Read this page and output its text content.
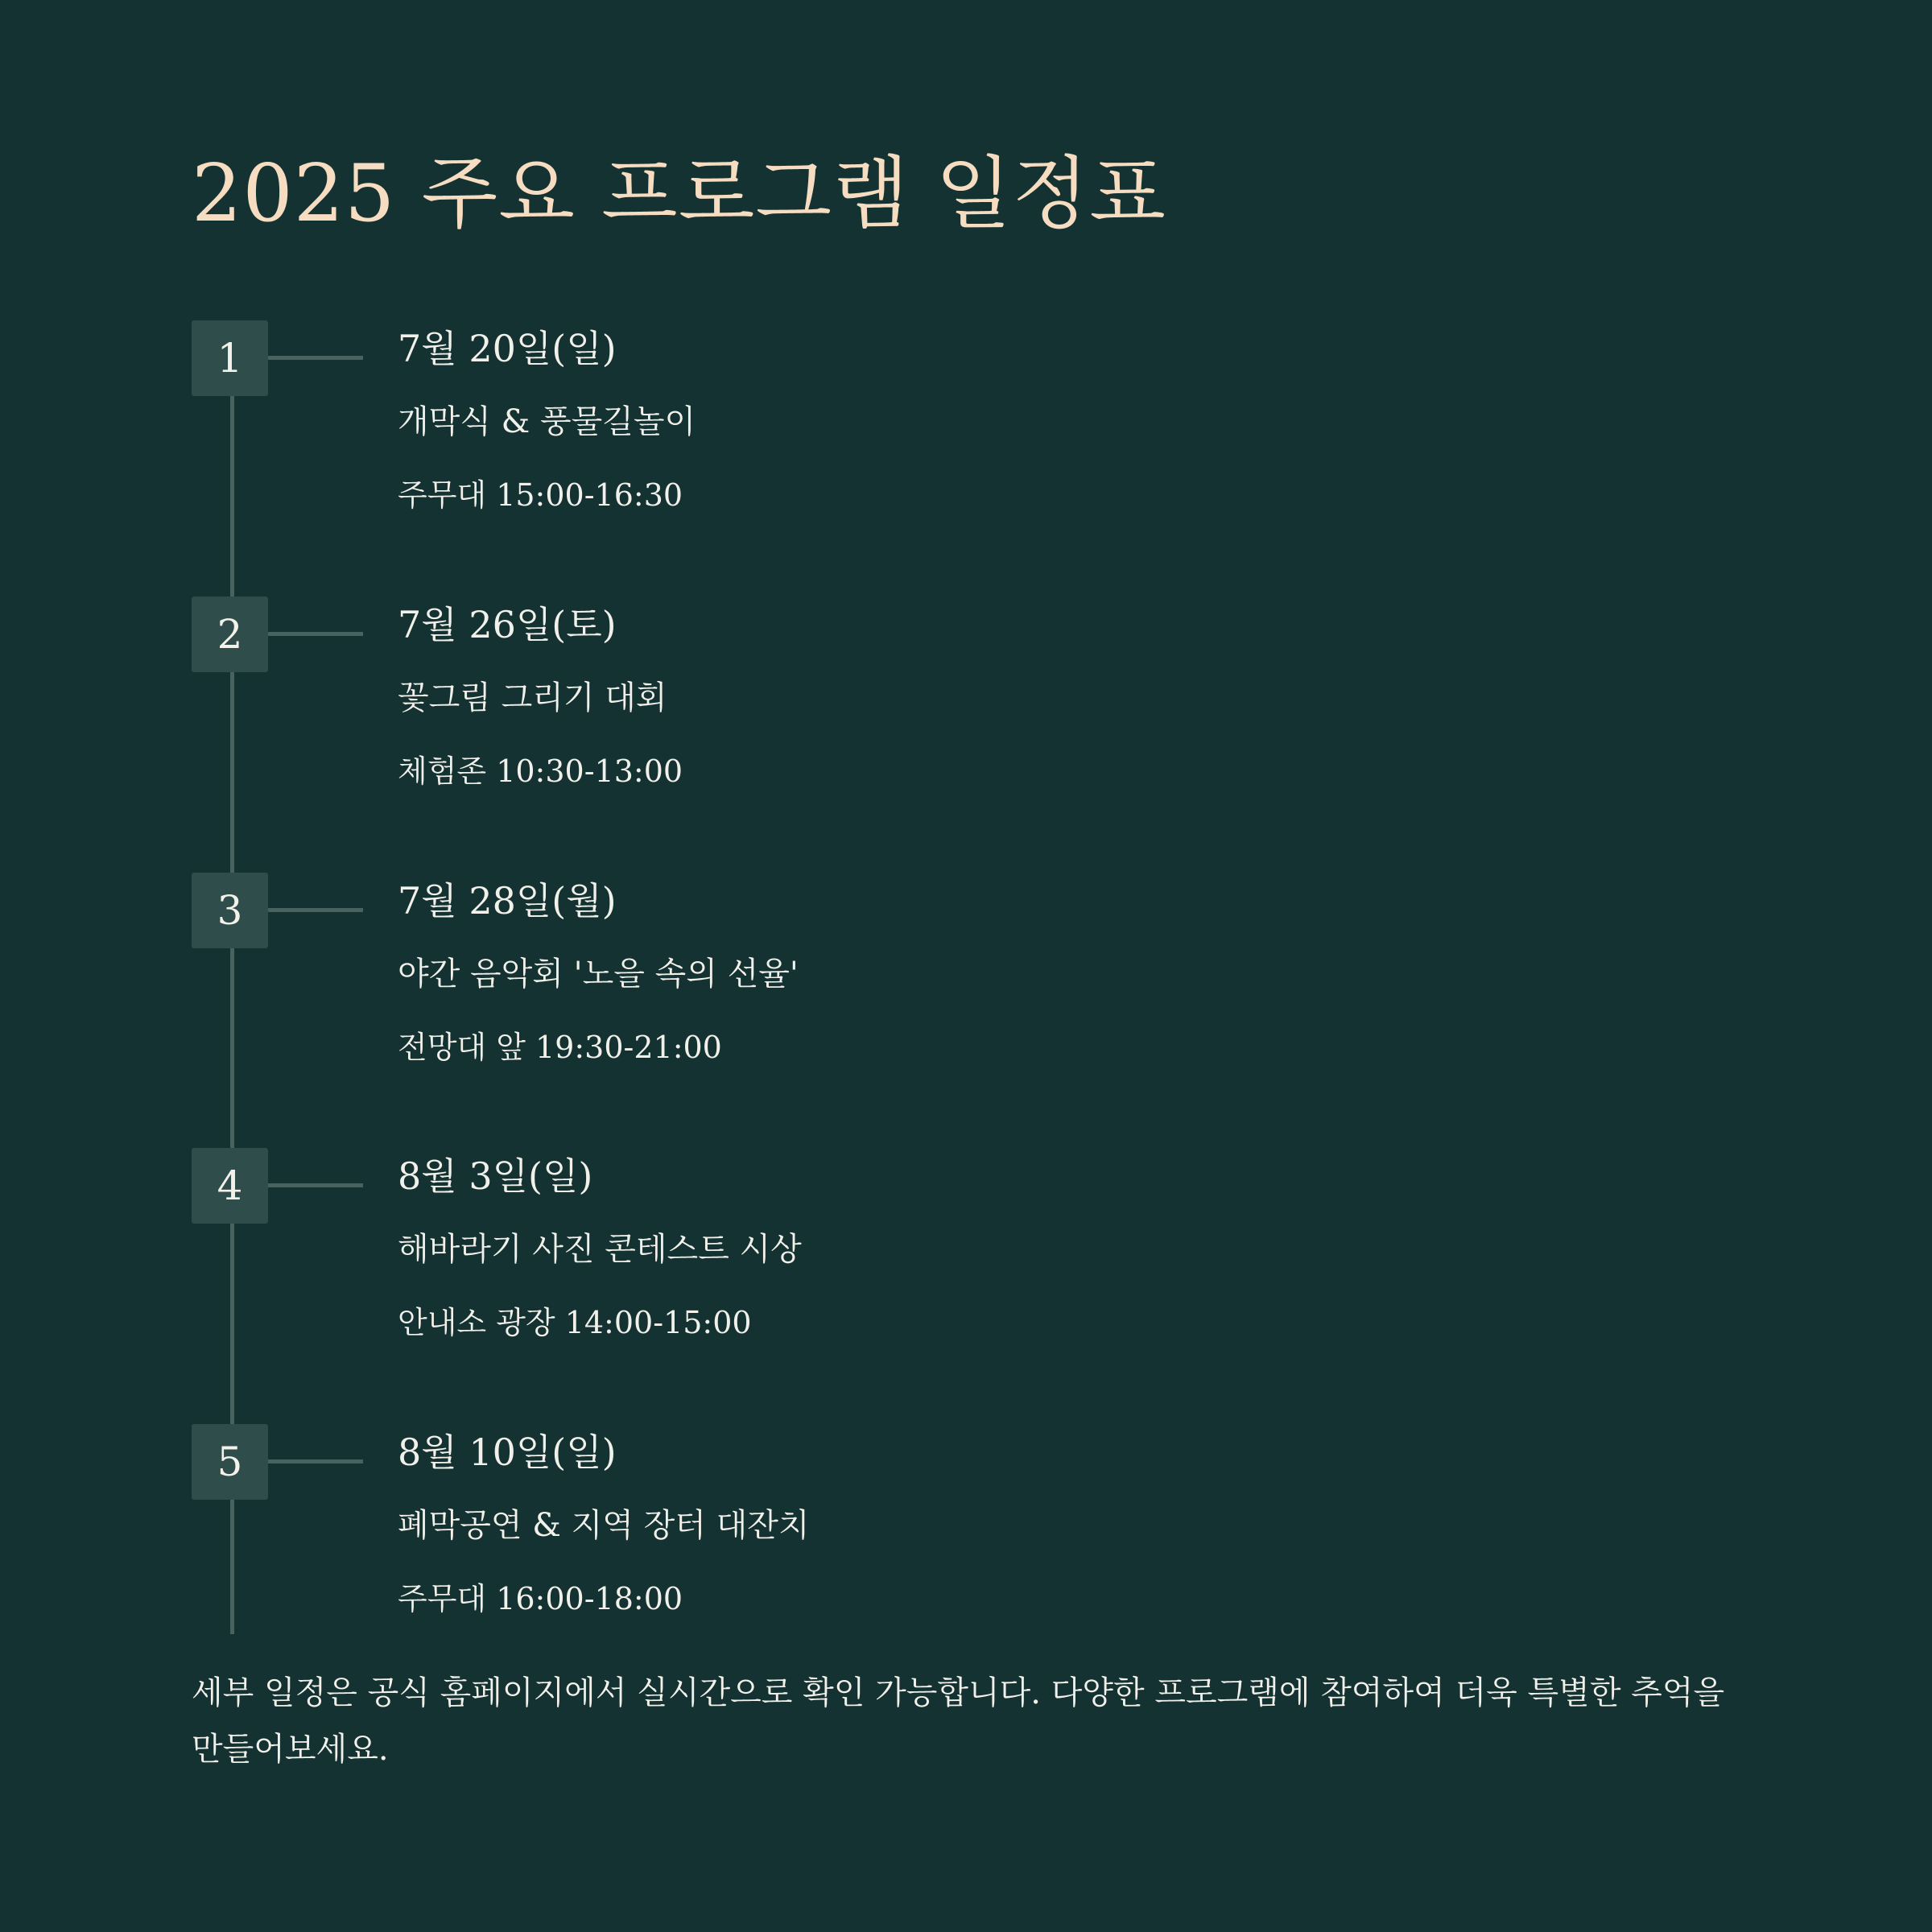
2025 주요 프로그램 일정표
1	7월 20일(일)

개막식 & 풍물길놀이

주무대 15:00-16:30

2	7월 26일(토)

꽃그림 그리기 대회

체험존 10:30-13:00

3	7월 28일(월)

야간 음악회 '노을 속의 선율'

전망대 앞 19:30-21:00

4	8월 3일(일)

해바라기 사진 콘테스트 시상

안내소 광장 14:00-15:00

5	8월 10일(일)

폐막공연 & 지역 장터 대잔치

주무대 16:00-18:00

세부 일정은 공식 홈페이지에서 실시간으로 확인 가능합니다. 다양한 프로그램에 참여하여 더욱 특별한 추억을 만들어보세요.
